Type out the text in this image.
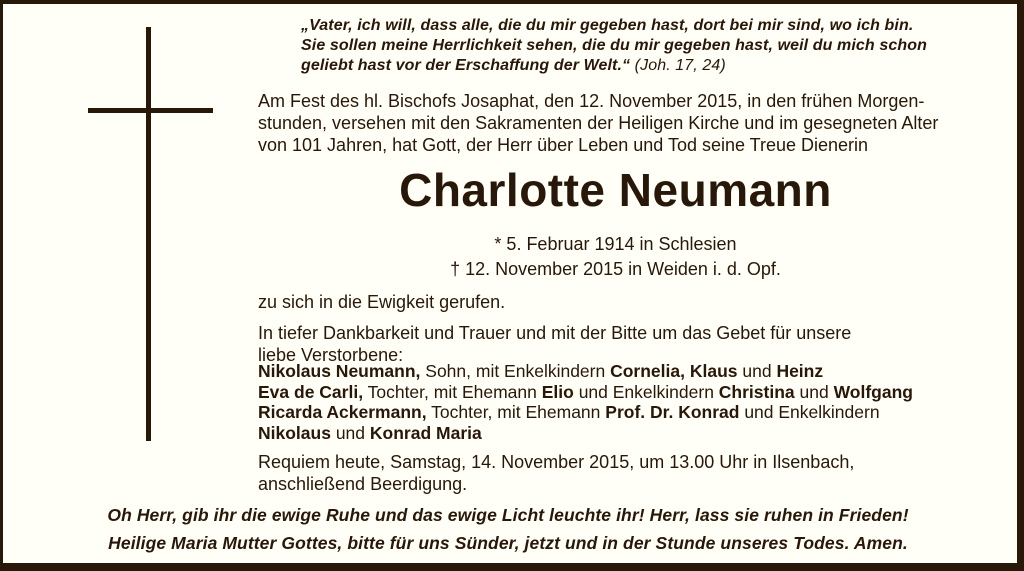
„Vater, ich will, dass alle, die du mir gegeben hast, dort bei mir sind, wo ich bin.
Sie sollen meine Herrlichkeit sehen, die du mir gegeben hast, weil du mich schon
geliebt hast vor der Erschaffung der Welt.“ (Joh. 17, 24)
Am Fest des hl. Bischofs Josaphat, den 12. November 2015, in den frühen Morgen-
stunden, versehen mit den Sakramenten der Heiligen Kirche und im gesegneten Alter
von 101 Jahren, hat Gott, der Herr über Leben und Tod seine Treue Dienerin
Charlotte Neumann
* 5. Februar 1914 in Schlesien
† 12. November 2015 in Weiden i. d. Opf.
zu sich in die Ewigkeit gerufen.
In tiefer Dankbarkeit und Trauer und mit der Bitte um das Gebet für unsere
liebe Verstorbene:
Nikolaus Neumann, Sohn, mit Enkelkindern Cornelia, Klaus und Heinz
Eva de Carli, Tochter, mit Ehemann Elio und Enkelkindern Christina und Wolfgang
Ricarda Ackermann, Tochter, mit Ehemann Prof. Dr. Konrad und Enkelkindern
Nikolaus und Konrad Maria
Requiem heute, Samstag, 14. November 2015, um 13.00 Uhr in Ilsenbach,
anschließend Beerdigung.
Oh Herr, gib ihr die ewige Ruhe und das ewige Licht leuchte ihr! Herr, lass sie ruhen in Frieden!
Heilige Maria Mutter Gottes, bitte für uns Sünder, jetzt und in der Stunde unseres Todes. Amen.
